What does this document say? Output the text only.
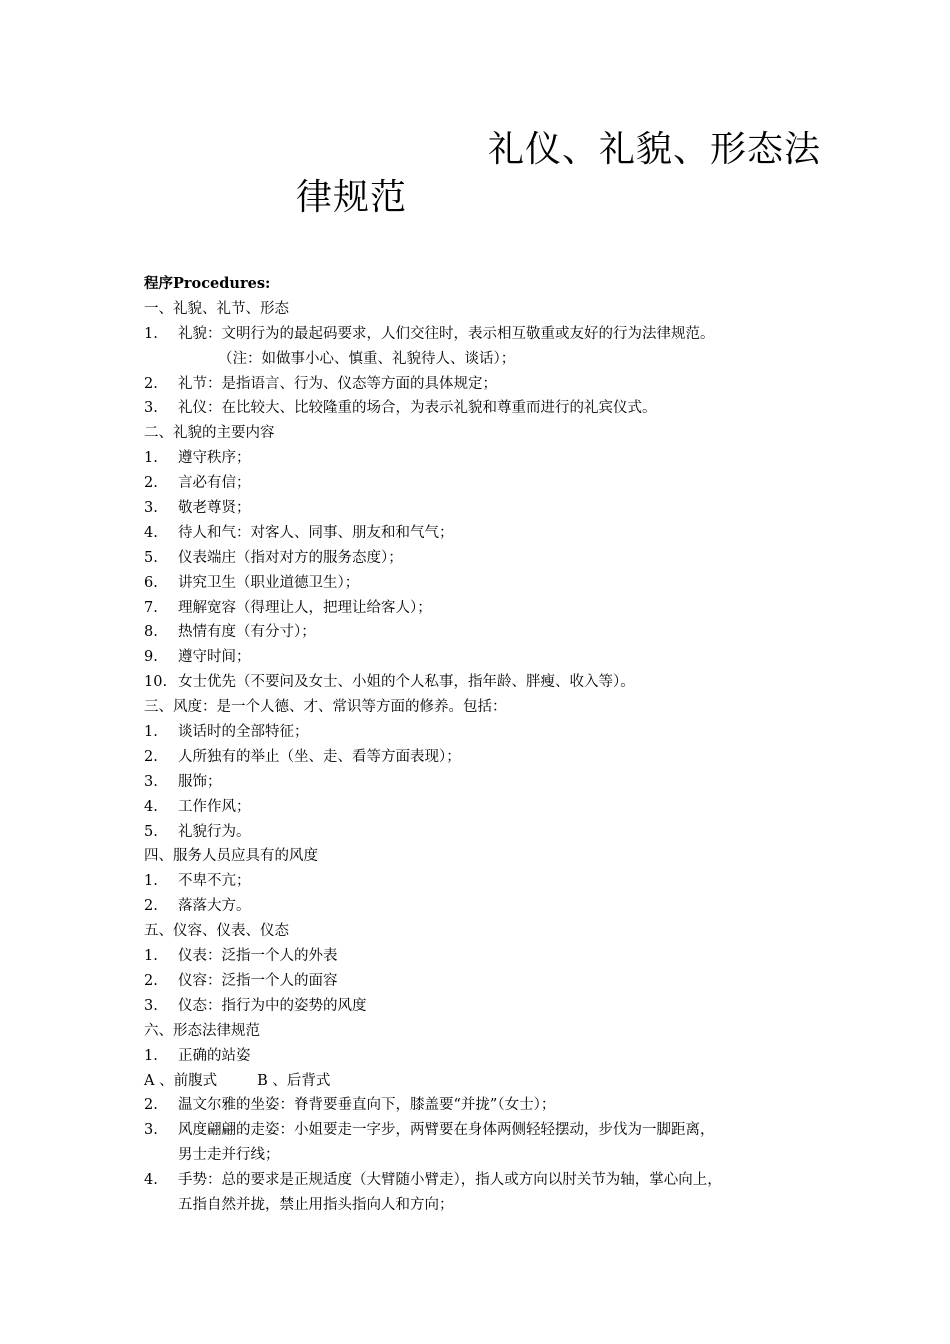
礼仪、礼貌、形态法
律规范
程序Procedures:
一、礼貌、礼节、形态
1. 礼貌：文明行为的最起码要求，人们交往时，表示相互敬重或友好的行为法律规范。
（注：如做事小心、慎重、礼貌待人、谈话）；
2. 礼节：是指语言、行为、仪态等方面的具体规定；
3. 礼仪：在比较大、比较隆重的场合，为表示礼貌和尊重而进行的礼宾仪式。
二、礼貌的主要内容
1. 遵守秩序；
2. 言必有信；
3. 敬老尊贤；
4. 待人和气：对客人、同事、朋友和和气气；
5. 仪表端庄（指对对方的服务态度）；
6. 讲究卫生（职业道德卫生）；
7. 理解宽容（得理让人，把理让给客人）；
8. 热情有度（有分寸）；
9. 遵守时间；
10. 女士优先（不要问及女士、小姐的个人私事，指年龄、胖瘦、收入等）。
三、风度：是一个人德、才、常识等方面的修养。包括：
1. 谈话时的全部特征；
2. 人所独有的举止（坐、走、看等方面表现）；
3. 服饰；
4. 工作作风；
5. 礼貌行为。
四、服务人员应具有的风度
1. 不卑不亢；
2. 落落大方。
五、仪容、仪表、仪态
1. 仪表：泛指一个人的外表
2. 仪容：泛指一个人的面容
3. 仪态：指行为中的姿势的风度
六、形态法律规范
1. 正确的站姿
A 、前腹式	B 、后背式
2. 温文尔雅的坐姿：脊背要垂直向下，膝盖要“并拢”（女士）；
3. 风度翩翩的走姿：小姐要走一字步，两臂要在身体两侧轻轻摆动，步伐为一脚距离，
男士走并行线；
4. 手势：总的要求是正规适度（大臂随小臂走），指人或方向以肘关节为轴，掌心向上，
五指自然并拢，禁止用指头指向人和方向；
